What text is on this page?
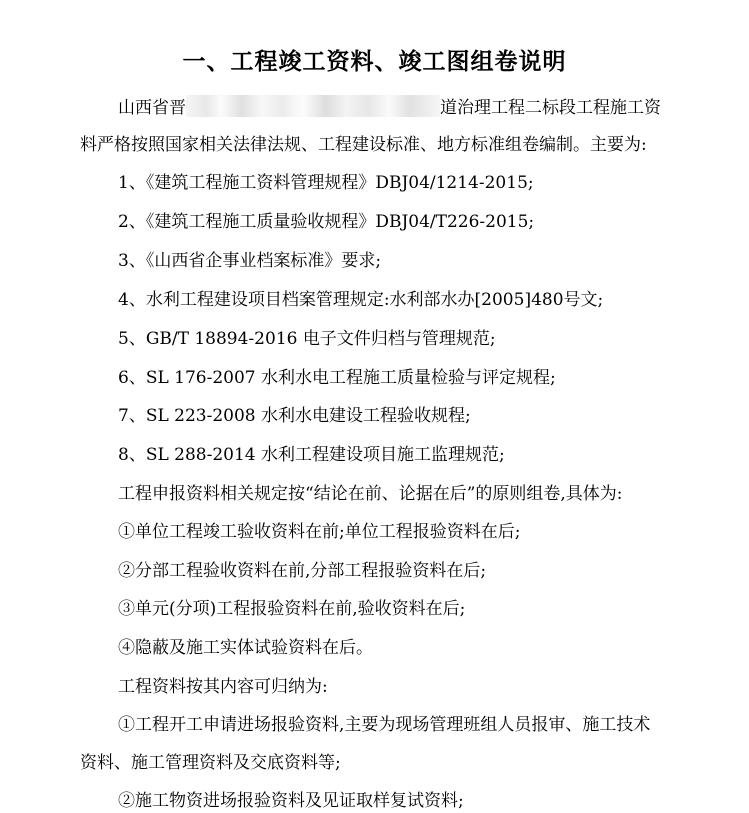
一、工程竣工资料、竣工图组卷说明
山西省晋	道治理工程二标段工程施工资
料严格按照国家相关法律法规、工程建设标准、地方标准组卷编制。主要为:
1、《建筑工程施工资料管理规程》DBJ04/1214-2015;
2、《建筑工程施工质量验收规程》DBJ04/T226-2015;
3、《山西省企事业档案标准》要求;
4、水利工程建设项目档案管理规定:水利部水办[2005]480号文;
5、GB/T 18894-2016 电子文件归档与管理规范;
6、SL 176-2007 水利水电工程施工质量检验与评定规程;
7、SL 223-2008 水利水电建设工程验收规程;
8、SL 288-2014 水利工程建设项目施工监理规范;
工程申报资料相关规定按“结论在前、论据在后”的原则组卷,具体为:
①单位工程竣工验收资料在前;单位工程报验资料在后;
②分部工程验收资料在前,分部工程报验资料在后;
③单元(分项)工程报验资料在前,验收资料在后;
④隐蔽及施工实体试验资料在后。
工程资料按其内容可归纳为:
①工程开工申请进场报验资料,主要为现场管理班组人员报审、施工技术
资料、施工管理资料及交底资料等;
②施工物资进场报验资料及见证取样复试资料;
